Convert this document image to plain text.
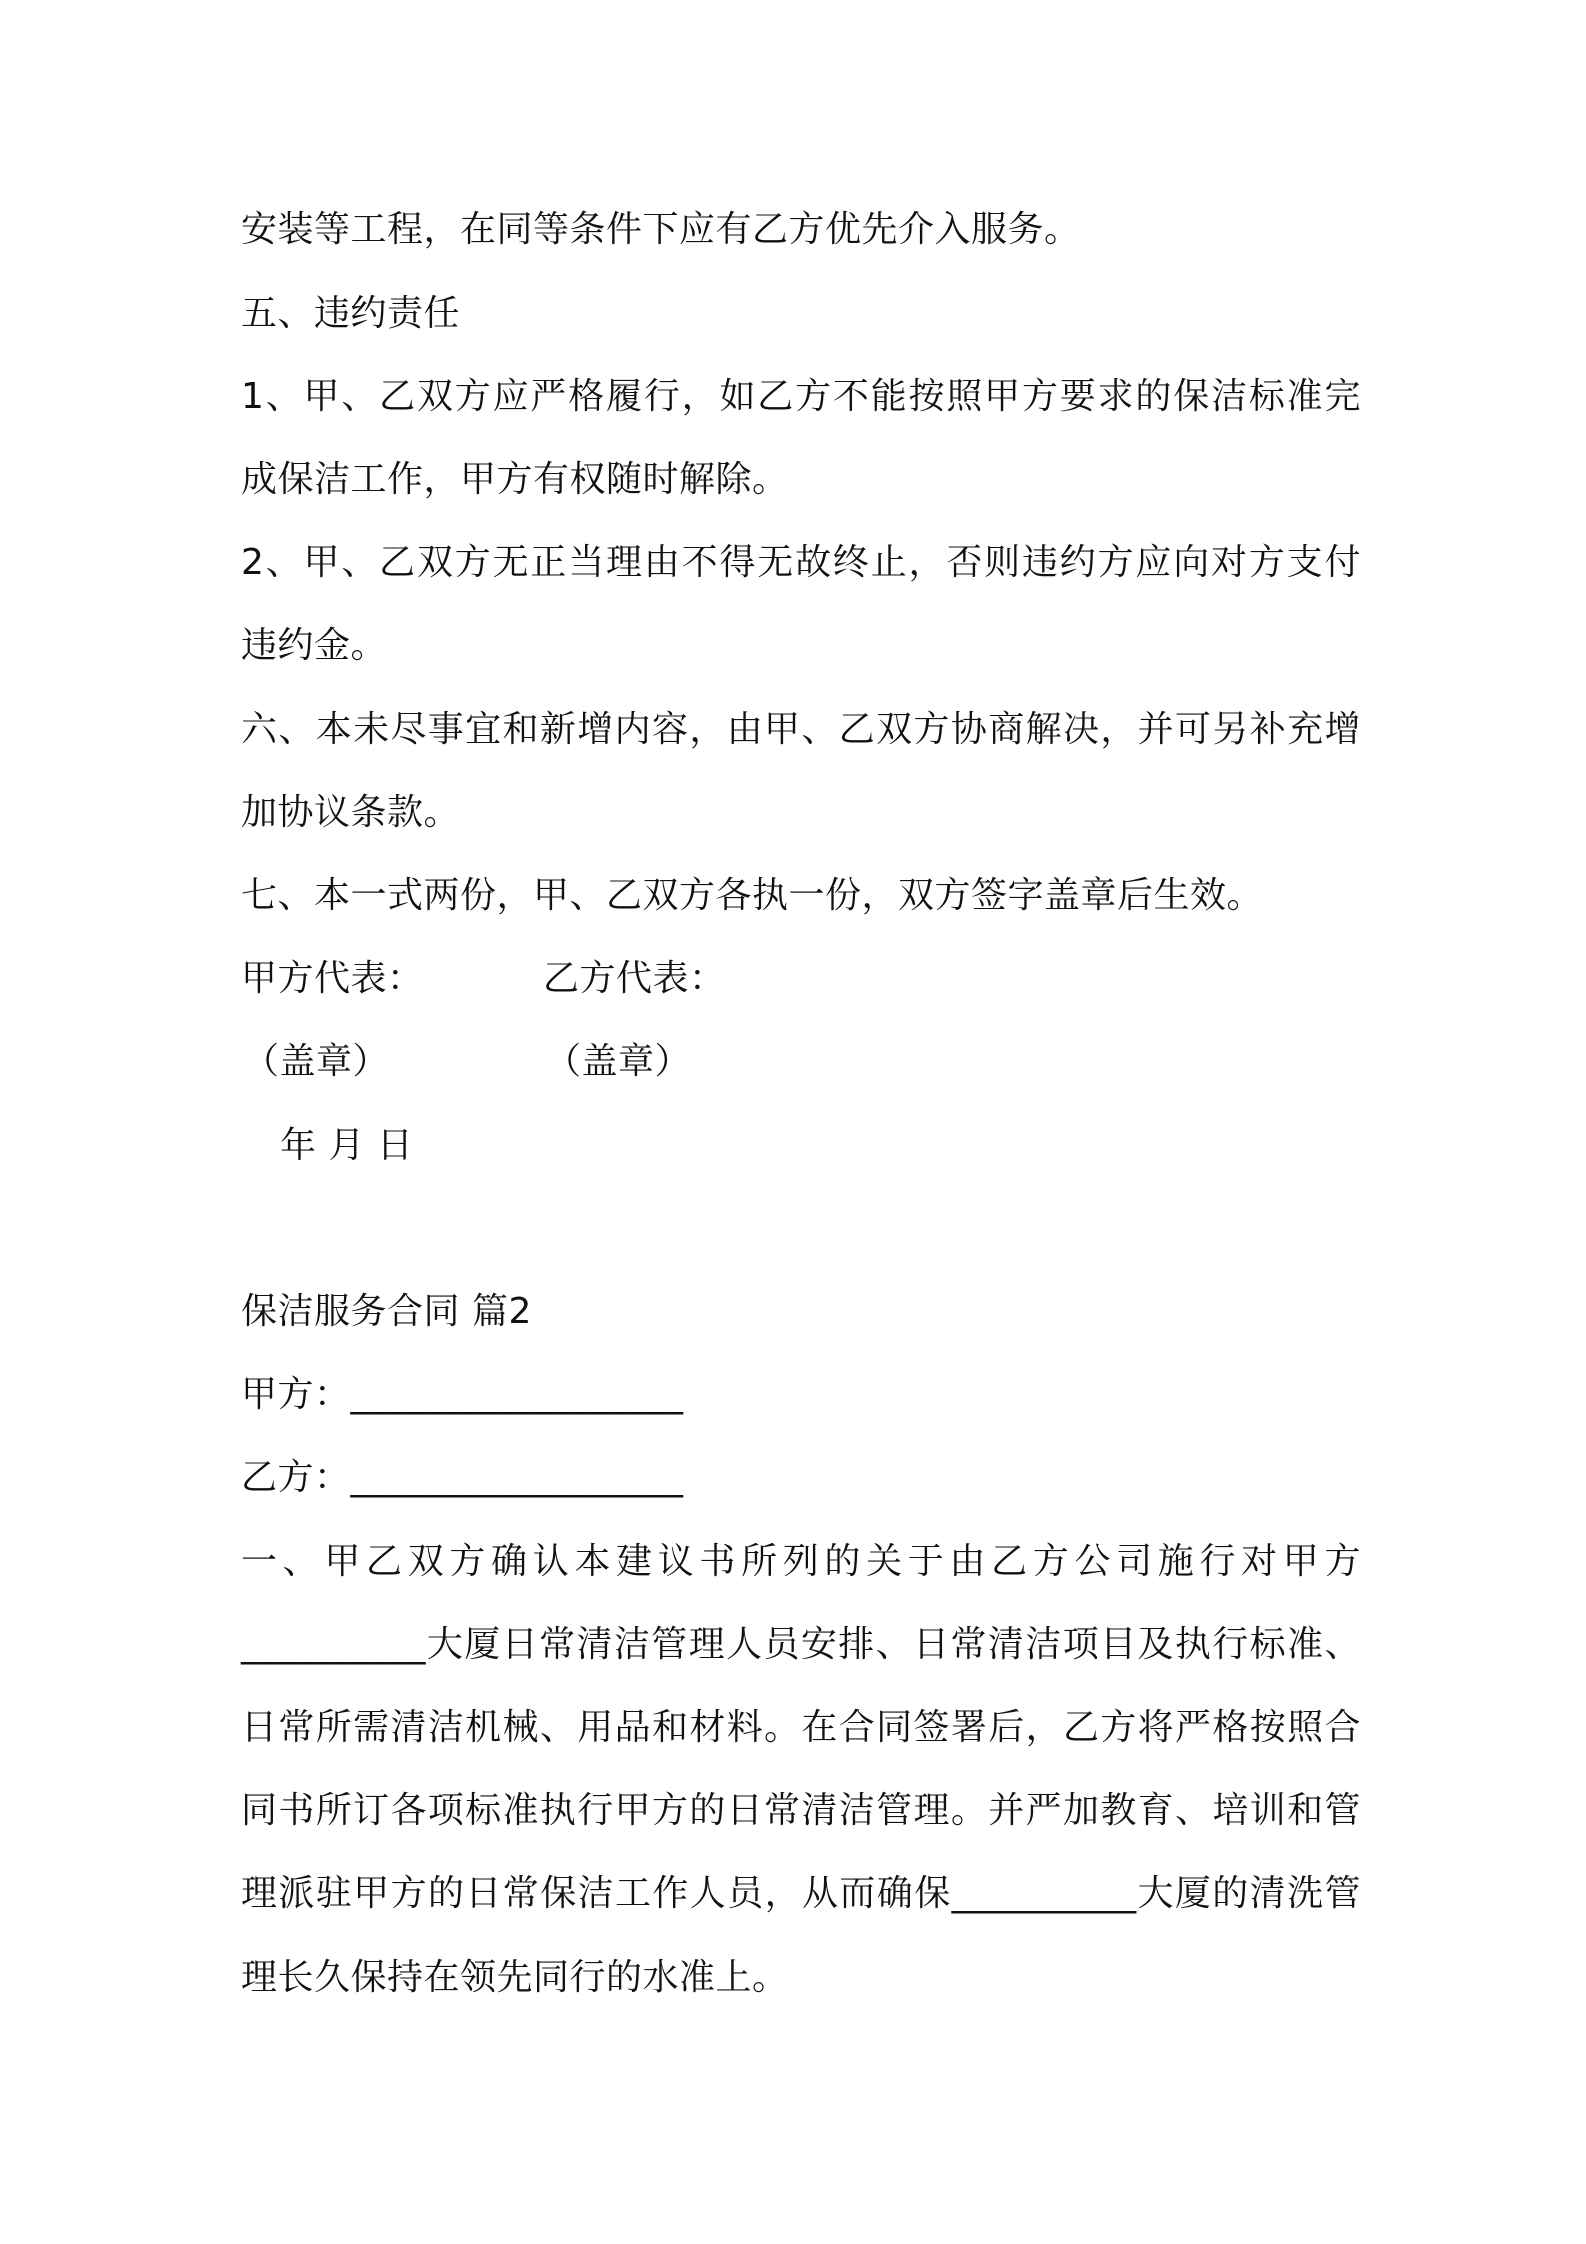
安装等工程，在同等条件下应有乙方优先介入服务。
五、违约责任
1、甲、乙双方应严格履行，如乙方不能按照甲方要求的保洁标准完
成保洁工作，甲方有权随时解除。
2、甲、乙双方无正当理由不得无故终止，否则违约方应向对方支付
违约金。
六、本未尽事宜和新增内容，由甲、乙双方协商解决，并可另补充增
加协议条款。
七、本一式两份，甲、乙双方各执一份，双方签字盖章后生效。
甲方代表：	乙方代表：
（盖章）	（盖章）
年 月 日
保洁服务合同 篇2
甲方：__________________
乙方：__________________
一、甲乙双方确认本建议书所列的关于由乙方公司施行对甲方
__________大厦日常清洁管理人员安排、日常清洁项目及执行标准、
日常所需清洁机械、用品和材料。在合同签署后，乙方将严格按照合
同书所订各项标准执行甲方的日常清洁管理。并严加教育、培训和管
理派驻甲方的日常保洁工作人员，从而确保__________大厦的清洗管
理长久保持在领先同行的水准上。
